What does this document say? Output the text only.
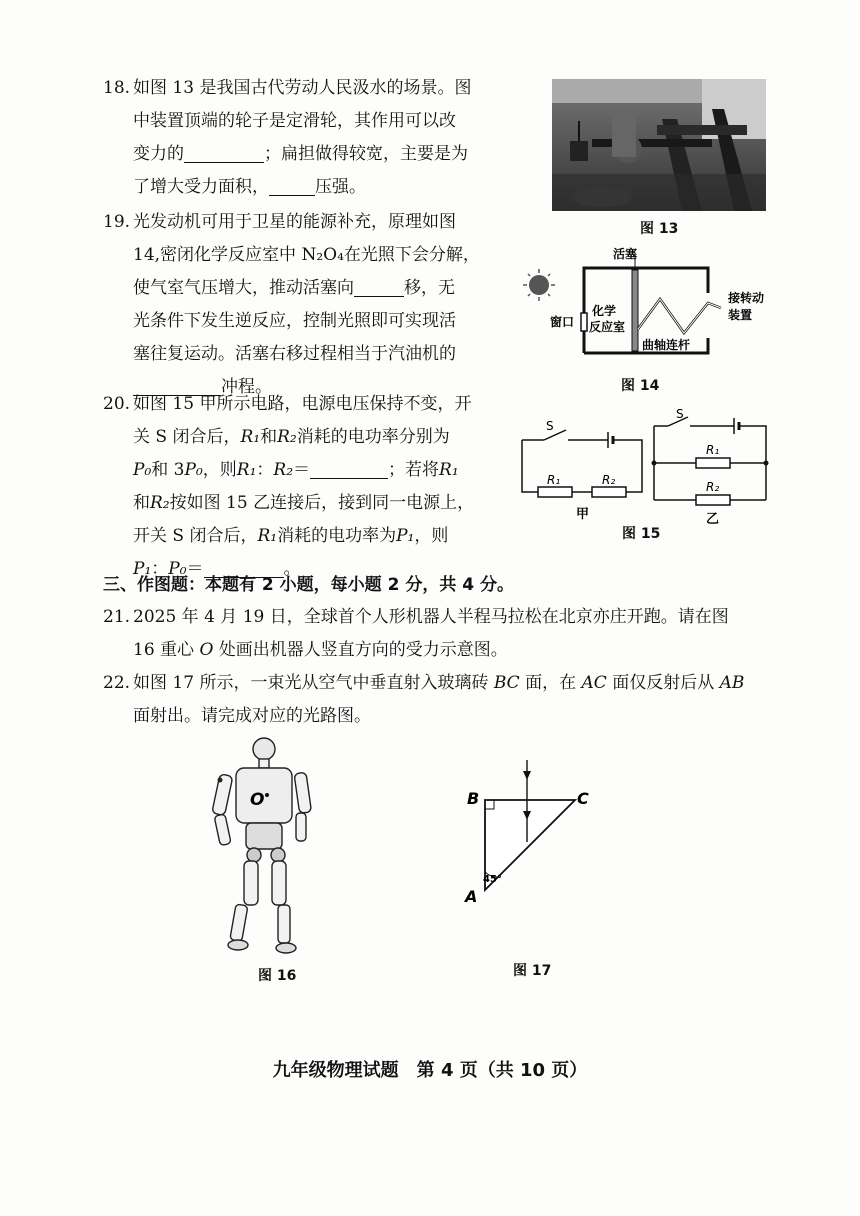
18. 如图 13 是我国古代劳动人民汲水的场景。图
中装置顶端的轮子是定滑轮，其作用可以改
变力的	；扁担做得较宽，主要是为
了增大受力面积，	压强。
图 13
19. 光发动机可用于卫星的能源补充，原理如图
14,密闭化学反应室中 N₂O₄在光照下会分解，
使气室气压增大，推动活塞向	移，无
光条件下发生逆反应，控制光照即可实现活
塞往复运动。活塞右移过程相当于汽油机的
冲程。
活塞
窗口
化学
反应室
曲轴连杆
接转动
装置
图 14
20. 如图 15 甲所示电路，电源电压保持不变，开
关 S 闭合后，R₁和R₂消耗的电功率分别为
P₀和 3P₀，则R₁：R₂＝	；若将R₁
和R₂按如图 15 乙连接后，接到同一电源上，
开关 S 闭合后，R₁消耗的电功率为P₁，则
P₁：P₀＝	。
S
R₁	R₂
甲
S
R₁
R₂
乙
图 15
三、作图题：本题有 2 小题，每小题 2 分，共 4 分。
21. 2025 年 4 月 19 日，全球首个人形机器人半程马拉松在北京亦庄开跑。请在图
16 重心 O 处画出机器人竖直方向的受力示意图。
22. 如图 17 所示，一束光从空气中垂直射入玻璃砖 BC 面，在 AC 面仅反射后从 AB
面射出。请完成对应的光路图。
O
图 16
B	C
A
45°
图 17
九年级物理试题　第 4 页（共 10 页）
